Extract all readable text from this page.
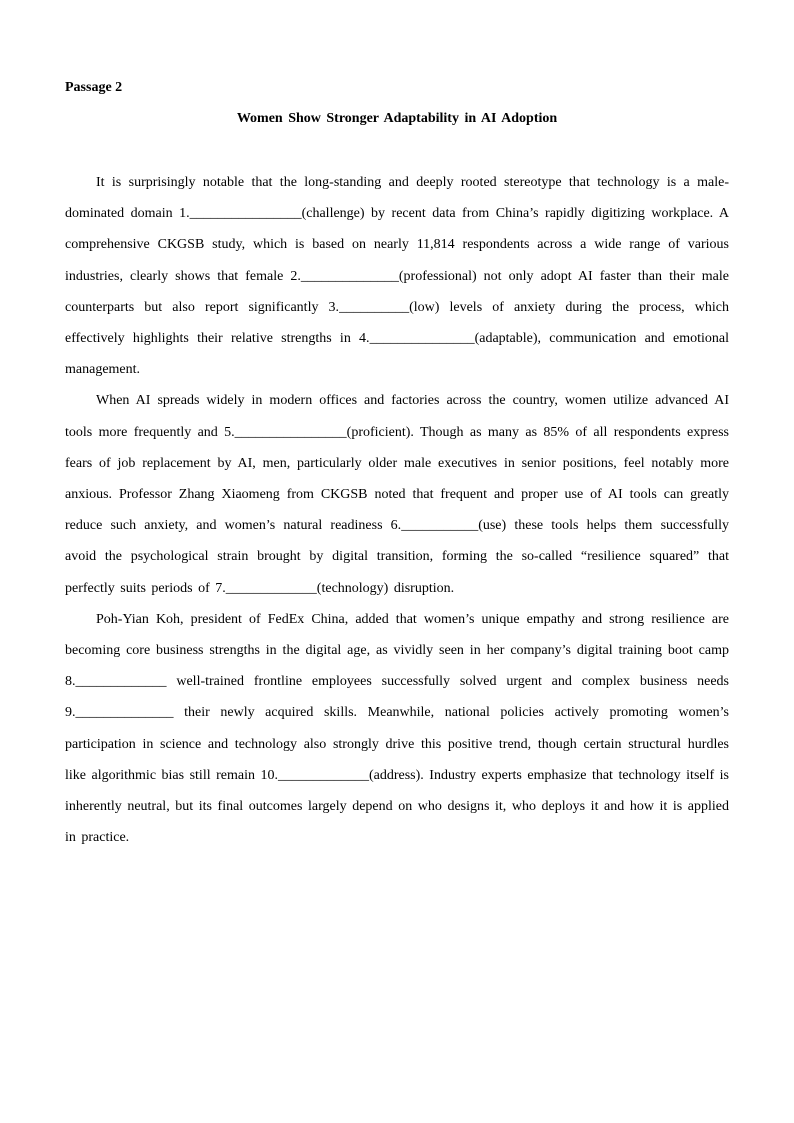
Passage 2
Women Show Stronger Adaptability in AI Adoption

It is surprisingly notable that the long-standing and deeply rooted stereotype that technology is a male-dominated domain 1.________________(challenge) by recent data from China’s rapidly digitizing workplace. A comprehensive CKGSB study, which is based on nearly 11,814 respondents across a wide range of various industries, clearly shows that female 2.______________(professional) not only adopt AI faster than their male counterparts but also report significantly 3.__________(low) levels of anxiety during the process, which effectively highlights their relative strengths in 4._______________(adaptable), communication and emotional management.

When AI spreads widely in modern offices and factories across the country, women utilize advanced AI tools more frequently and 5.________________(proficient). Though as many as 85% of all respondents express fears of job replacement by AI, men, particularly older male executives in senior positions, feel notably more anxious. Professor Zhang Xiaomeng from CKGSB noted that frequent and proper use of AI tools can greatly reduce such anxiety, and women’s natural readiness 6.___________(use) these tools helps them successfully avoid the psychological strain brought by digital transition, forming the so-called “resilience squared” that perfectly suits periods of 7._____________(technology) disruption.

Poh-Yian Koh, president of FedEx China, added that women’s unique empathy and strong resilience are becoming core business strengths in the digital age, as vividly seen in her company’s digital training boot camp 8._____________ well-trained frontline employees successfully solved urgent and complex business needs 9.______________ their newly acquired skills. Meanwhile, national policies actively promoting women’s participation in science and technology also strongly drive this positive trend, though certain structural hurdles like algorithmic bias still remain 10._____________(address). Industry experts emphasize that technology itself is inherently neutral, but its final outcomes largely depend on who designs it, who deploys it and how it is applied in practice.
